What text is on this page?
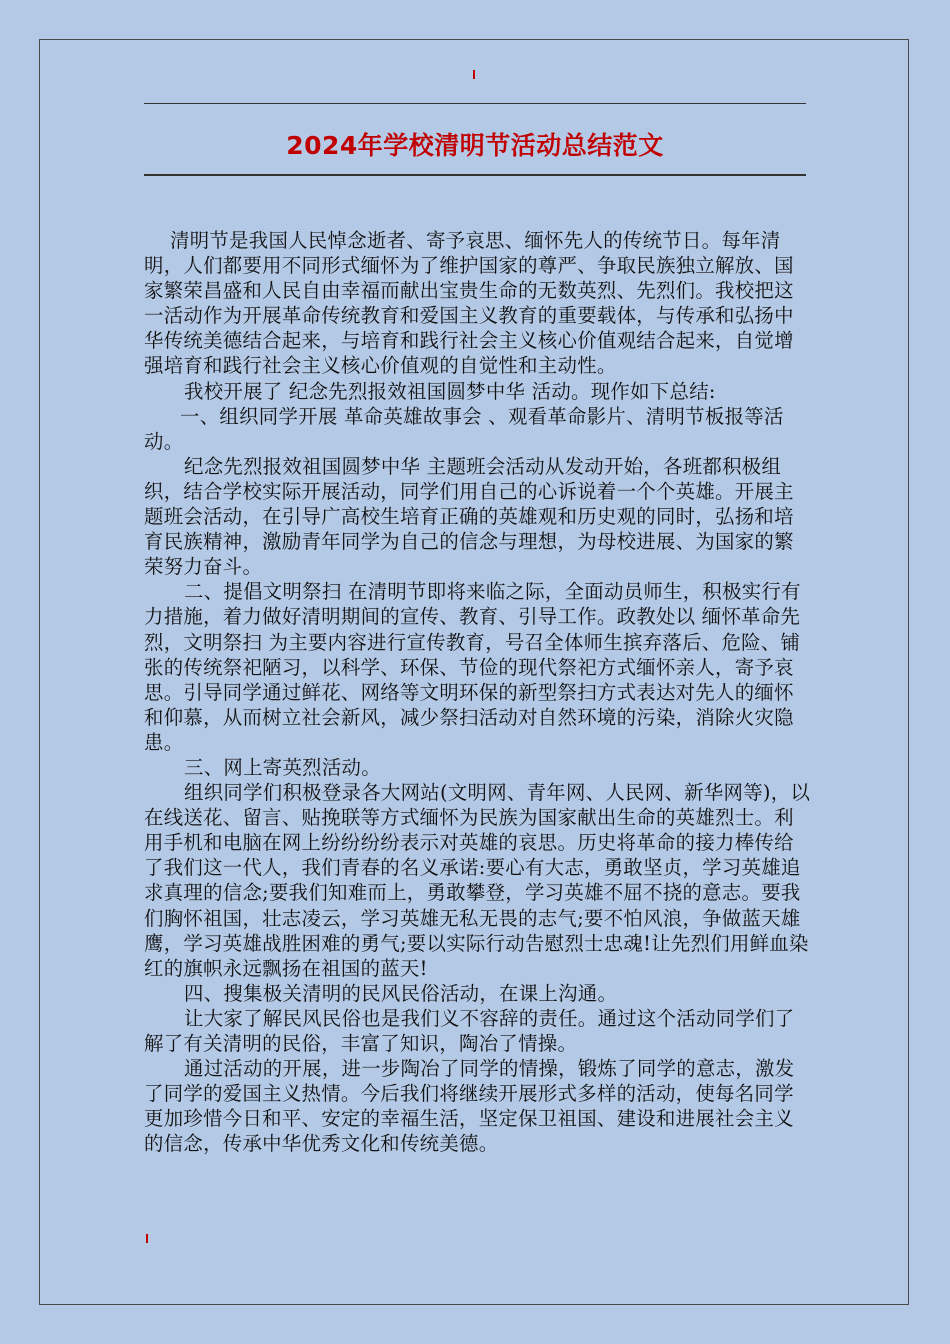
2024年学校清明节活动总结范文

清明节是我国人民悼念逝者、寄予哀思、缅怀先人的传统节日。每年清明，人们都要用不同形式缅怀为了维护国家的尊严、争取民族独立解放、国家繁荣昌盛和人民自由幸福而献出宝贵生命的无数英烈、先烈们。我校把这一活动作为开展革命传统教育和爱国主义教育的重要载体，与传承和弘扬中华传统美德结合起来，与培育和践行社会主义核心价值观结合起来，自觉增强培育和践行社会主义核心价值观的自觉性和主动性。

我校开展了 纪念先烈报效祖国圆梦中华 活动。现作如下总结:

一、组织同学开展 革命英雄故事会 、观看革命影片、清明节板报等活动。

纪念先烈报效祖国圆梦中华 主题班会活动从发动开始，各班都积极组织，结合学校实际开展活动，同学们用自己的心诉说着一个个英雄。开展主题班会活动，在引导广高校生培育正确的英雄观和历史观的同时，弘扬和培育民族精神，激励青年同学为自己的信念与理想，为母校进展、为国家的繁荣努力奋斗。

二、提倡文明祭扫 在清明节即将来临之际，全面动员师生，积极实行有力措施，着力做好清明期间的宣传、教育、引导工作。政教处以 缅怀革命先烈，文明祭扫 为主要内容进行宣传教育，号召全体师生摈弃落后、危险、铺张的传统祭祀陋习，以科学、环保、节俭的现代祭祀方式缅怀亲人，寄予哀思。引导同学通过鲜花、网络等文明环保的新型祭扫方式表达对先人的缅怀和仰慕，从而树立社会新风，减少祭扫活动对自然环境的污染，消除火灾隐患。

三、网上寄英烈活动。

组织同学们积极登录各大网站(文明网、青年网、人民网、新华网等)，以在线送花、留言、贴挽联等方式缅怀为民族为国家献出生命的英雄烈士。利用手机和电脑在网上纷纷纷纷表示对英雄的哀思。历史将革命的接力棒传给了我们这一代人，我们青春的名义承诺:要心有大志，勇敢坚贞，学习英雄追求真理的信念;要我们知难而上，勇敢攀登，学习英雄不屈不挠的意志。要我们胸怀祖国，壮志凌云，学习英雄无私无畏的志气;要不怕风浪，争做蓝天雄鹰，学习英雄战胜困难的勇气;要以实际行动告慰烈士忠魂!让先烈们用鲜血染红的旗帜永远飘扬在祖国的蓝天!

四、搜集极关清明的民风民俗活动，在课上沟通。

让大家了解民风民俗也是我们义不容辞的责任。通过这个活动同学们了解了有关清明的民俗，丰富了知识，陶冶了情操。

通过活动的开展，进一步陶冶了同学的情操，锻炼了同学的意志，激发了同学的爱国主义热情。今后我们将继续开展形式多样的活动，使每名同学更加珍惜今日和平、安定的幸福生活，坚定保卫祖国、建设和进展社会主义的信念，传承中华优秀文化和传统美德。
